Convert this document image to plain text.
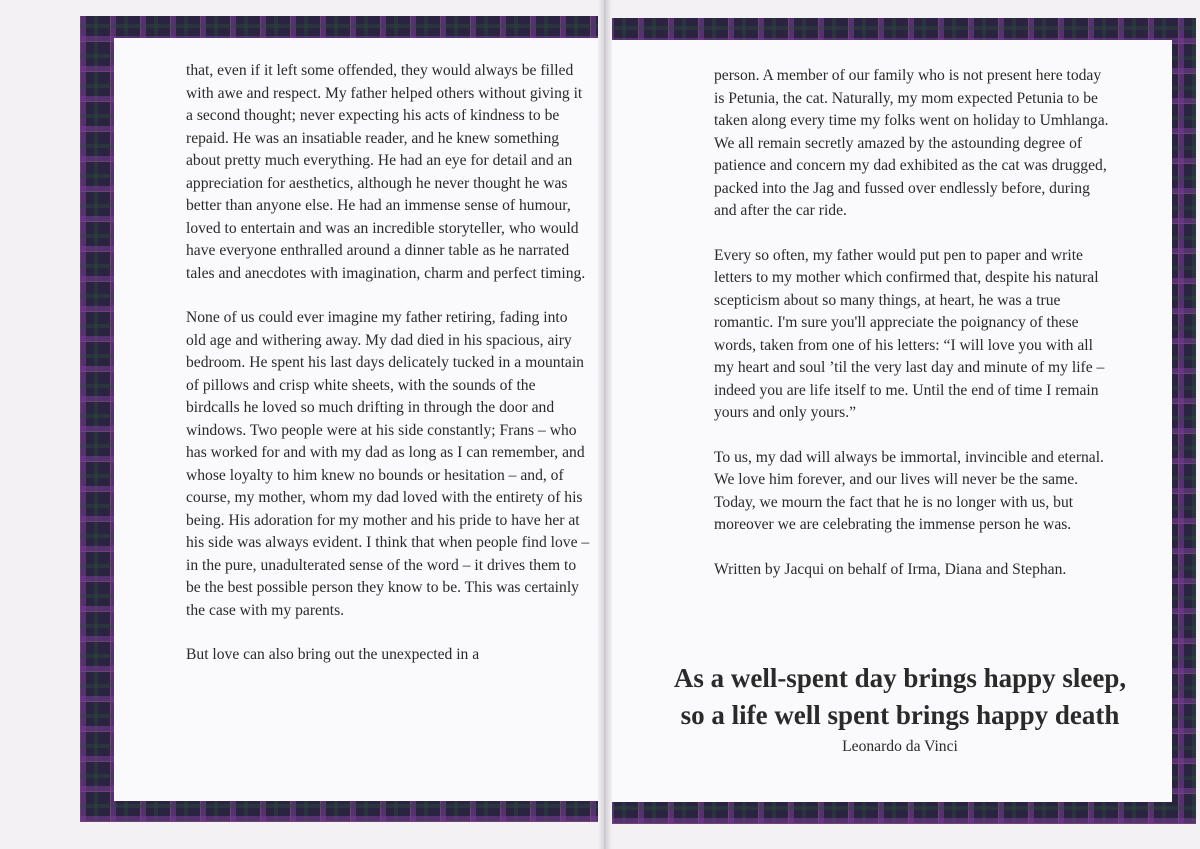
that, even if it left some offended, they would always be filled with awe and respect. My father helped others without giving it a second thought; never expecting his acts of kindness to be repaid. He was an insatiable reader, and he knew something about pretty much everything. He had an eye for detail and an appreciation for aesthetics, although he never thought he was better than anyone else. He had an immense sense of humour, loved to entertain and was an incredible storyteller, who would have everyone enthralled around a dinner table as he narrated tales and anecdotes with imagination, charm and perfect timing.

None of us could ever imagine my father retiring, fading into old age and withering away. My dad died in his spacious, airy bedroom. He spent his last days delicately tucked in a mountain of pillows and crisp white sheets, with the sounds of the birdcalls he loved so much drifting in through the door and windows. Two people were at his side constantly; Frans – who has worked for and with my dad as long as I can remember, and whose loyalty to him knew no bounds or hesitation – and, of course, my mother, whom my dad loved with the entirety of his being. His adoration for my mother and his pride to have her at his side was always evident. I think that when people find love – in the pure, unadulterated sense of the word – it drives them to be the best possible person they know to be. This was certainly the case with my parents.

But love can also bring out the unexpected in a

person. A member of our family who is not present here today is Petunia, the cat. Naturally, my mom expected Petunia to be taken along every time my folks went on holiday to Umhlanga. We all remain secretly amazed by the astounding degree of patience and concern my dad exhibited as the cat was drugged, packed into the Jag and fussed over endlessly before, during and after the car ride.

Every so often, my father would put pen to paper and write letters to my mother which confirmed that, despite his natural scepticism about so many things, at heart, he was a true romantic. I'm sure you'll appreciate the poignancy of these words, taken from one of his letters: “I will love you with all my heart and soul ’til the very last day and minute of my life – indeed you are life itself to me. Until the end of time I remain yours and only yours.”

To us, my dad will always be immortal, invincible and eternal. We love him forever, and our lives will never be the same. Today, we mourn the fact that he is no longer with us, but moreover we are celebrating the immense person he was.

Written by Jacqui on behalf of Irma, Diana and Stephan.

As a well-spent day brings happy sleep,
so a life well spent brings happy death
Leonardo da Vinci
